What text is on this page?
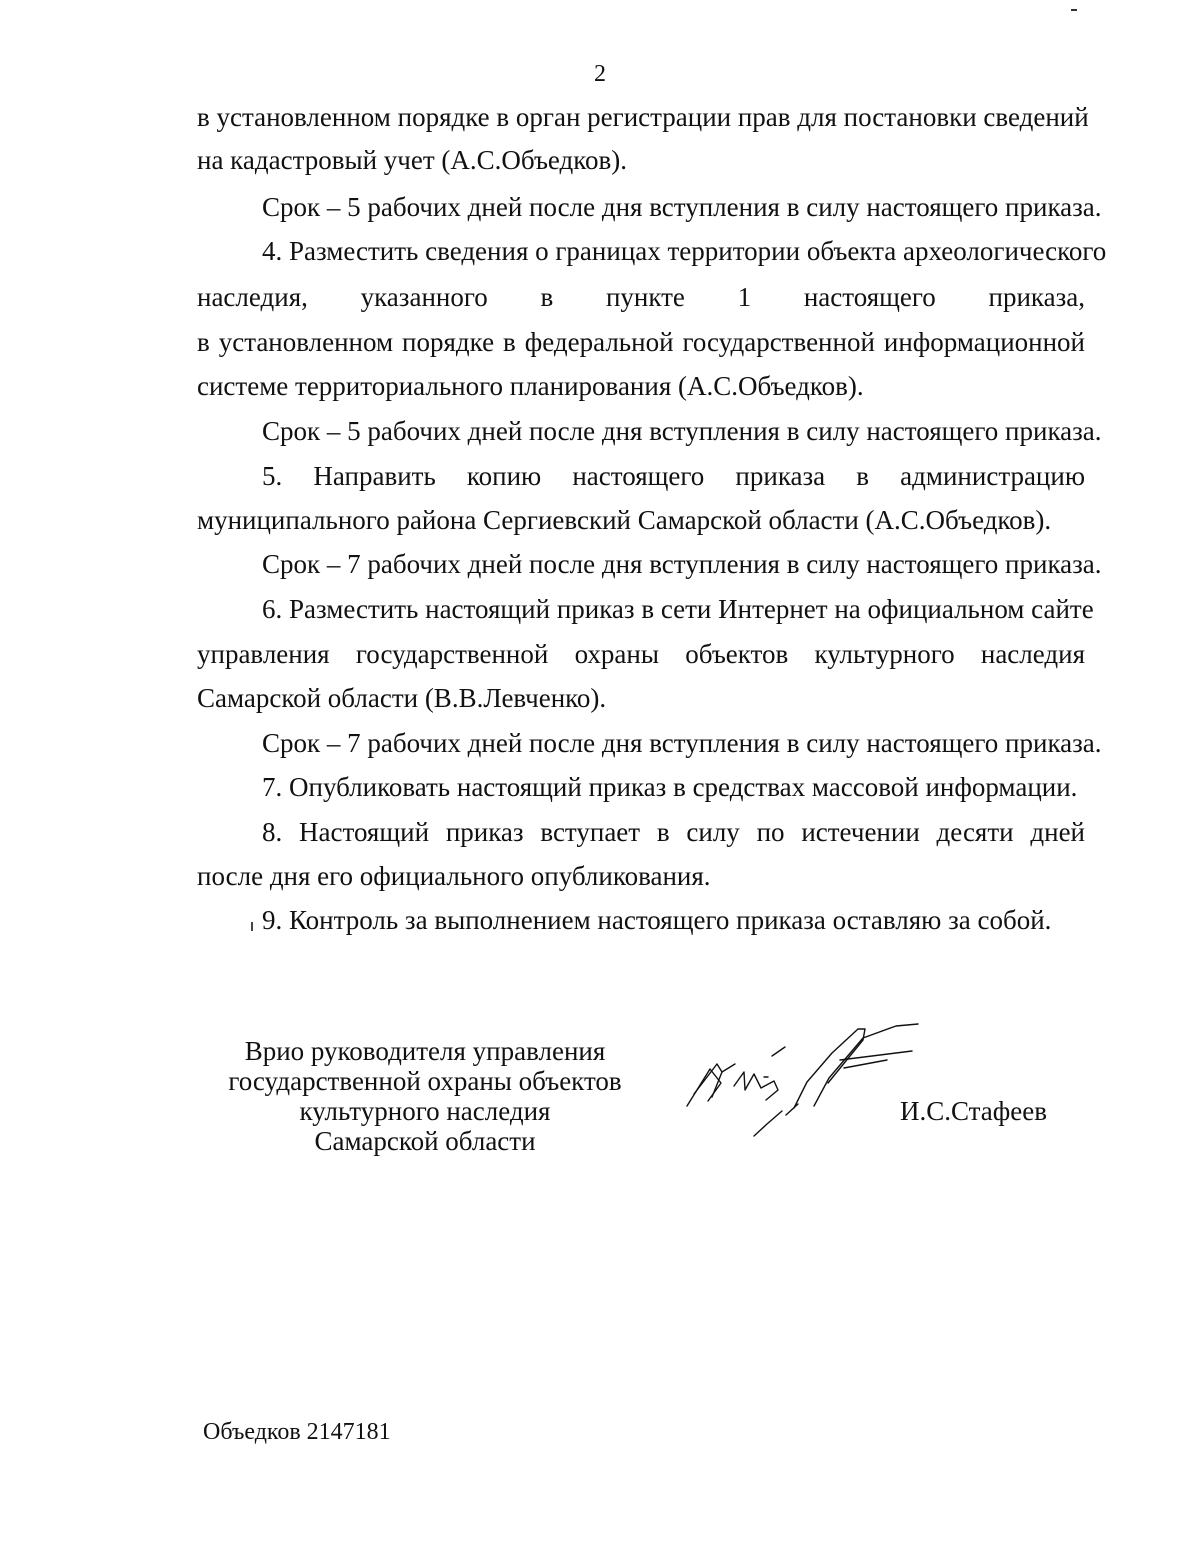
2
в установленном порядке в орган регистрации прав для постановки сведений
на кадастровый учет (А.С.Объедков).
Срок – 5 рабочих дней после дня вступления в силу настоящего приказа.
4. Разместить сведения о границах территории объекта археологического
наследия, указанного в пункте 1 настоящего приказа,
в установленном порядке в федеральной государственной информационной
системе территориального планирования (А.С.Объедков).
Срок – 5 рабочих дней после дня вступления в силу настоящего приказа.
5. Направить копию настоящего приказа в администрацию
муниципального района Сергиевский Самарской области (А.С.Объедков).
Срок – 7 рабочих дней после дня вступления в силу настоящего приказа.
6. Разместить настоящий приказ в сети Интернет на официальном сайте
управления государственной охраны объектов культурного наследия
Самарской области (В.В.Левченко).
Срок – 7 рабочих дней после дня вступления в силу настоящего приказа.
7. Опубликовать настоящий приказ в средствах массовой информации.
8. Настоящий приказ вступает в силу по истечении десяти дней
после дня его официального опубликования.
9. Контроль за выполнением настоящего приказа оставляю за собой.
Врио руководителя управления
государственной охраны объектов
культурного наследия
Самарской области
И.С.Стафеев
Объедков 2147181
